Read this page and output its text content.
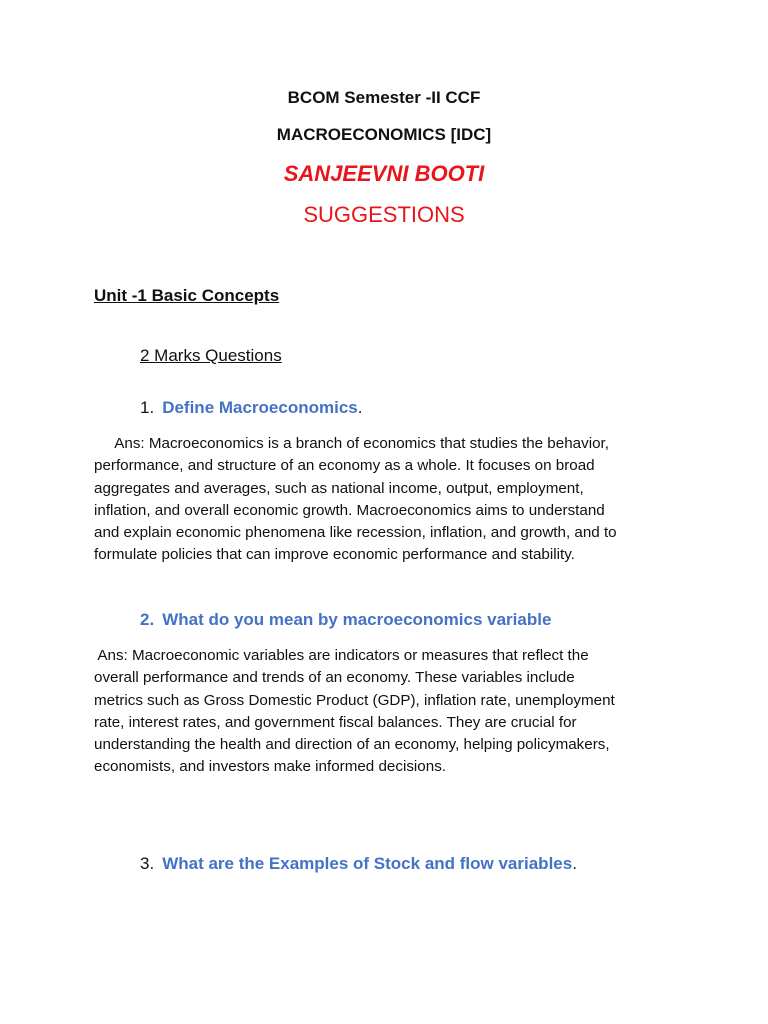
BCOM Semester -II CCF
MACROECONOMICS [IDC]
SANJEEVNI BOOTI
SUGGESTIONS
Unit -1 Basic Concepts
2 Marks Questions
1. Define Macroeconomics.
Ans: Macroeconomics is a branch of economics that studies the behavior,
performance, and structure of an economy as a whole. It focuses on broad
aggregates and averages, such as national income, output, employment,
inflation, and overall economic growth. Macroeconomics aims to understand
and explain economic phenomena like recession, inflation, and growth, and to
formulate policies that can improve economic performance and stability.
2. What do you mean by macroeconomics variable
Ans: Macroeconomic variables are indicators or measures that reflect the
overall performance and trends of an economy. These variables include
metrics such as Gross Domestic Product (GDP), inflation rate, unemployment
rate, interest rates, and government fiscal balances. They are crucial for
understanding the health and direction of an economy, helping policymakers,
economists, and investors make informed decisions.
3. What are the Examples of Stock and flow variables.
